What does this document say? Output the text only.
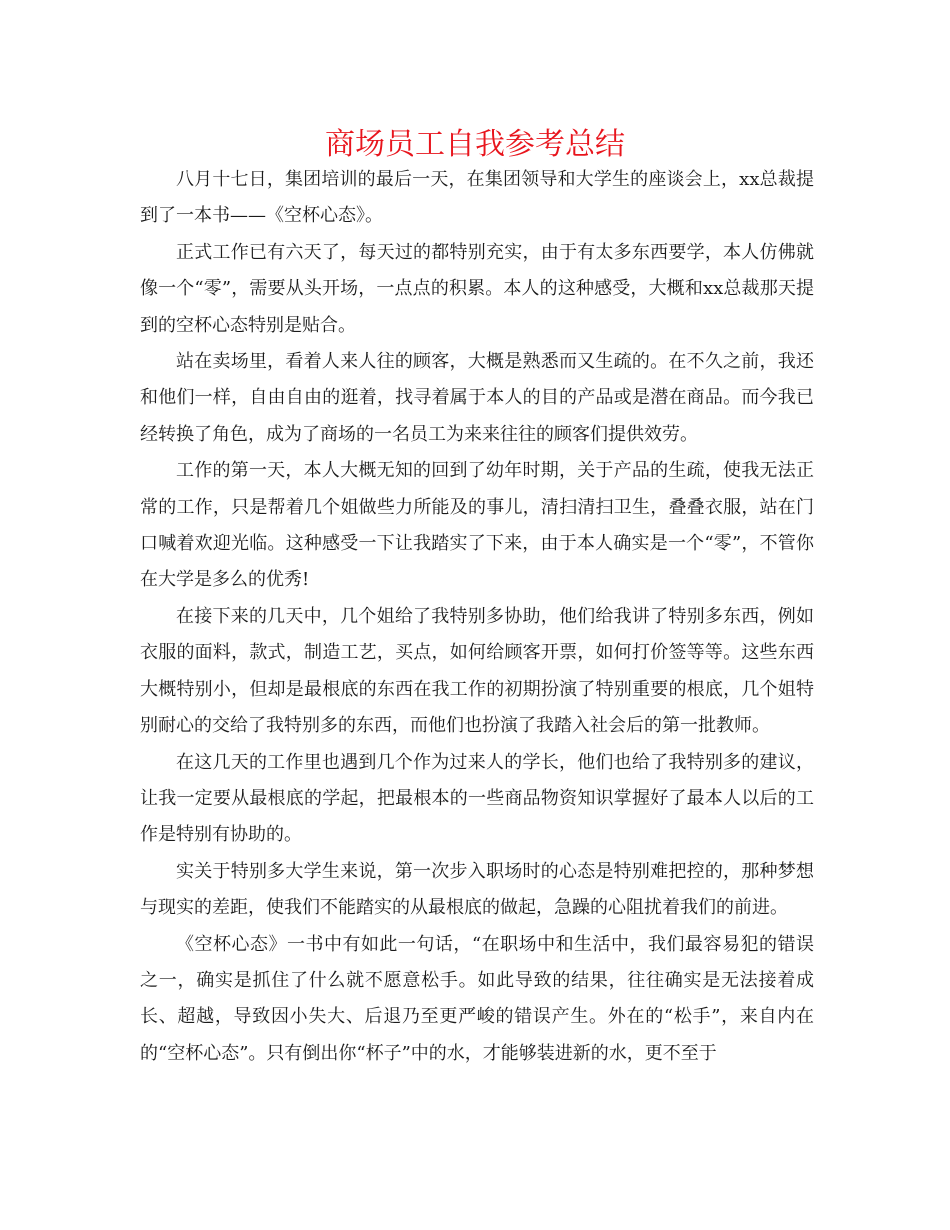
商场员工自我参考总结

八月十七日，集团培训的最后一天，在集团领导和大学生的座谈会上，xx总裁提到了一本书——《空杯心态》。

正式工作已有六天了，每天过的都特别充实，由于有太多东西要学，本人仿佛就像一个“零”，需要从头开场，一点点的积累。本人的这种感受，大概和xx总裁那天提到的空杯心态特别是贴合。

站在卖场里，看着人来人往的顾客，大概是熟悉而又生疏的。在不久之前，我还和他们一样，自由自由的逛着，找寻着属于本人的目的产品或是潜在商品。而今我已经转换了角色，成为了商场的一名员工为来来往往的顾客们提供效劳。

工作的第一天，本人大概无知的回到了幼年时期，关于产品的生疏，使我无法正常的工作，只是帮着几个姐做些力所能及的事儿，清扫清扫卫生，叠叠衣服，站在门口喊着欢迎光临。这种感受一下让我踏实了下来，由于本人确实是一个“零”，不管你在大学是多么的优秀!

在接下来的几天中，几个姐给了我特别多协助，他们给我讲了特别多东西，例如衣服的面料，款式，制造工艺，买点，如何给顾客开票，如何打价签等等。这些东西大概特别小，但却是最根底的东西在我工作的初期扮演了特别重要的根底，几个姐特别耐心的交给了我特别多的东西，而他们也扮演了我踏入社会后的第一批教师。

在这几天的工作里也遇到几个作为过来人的学长，他们也给了我特别多的建议，让我一定要从最根底的学起，把最根本的一些商品物资知识掌握好了最本人以后的工作是特别有协助的。

实关于特别多大学生来说，第一次步入职场时的心态是特别难把控的，那种梦想与现实的差距，使我们不能踏实的从最根底的做起，急躁的心阻扰着我们的前进。

《空杯心态》一书中有如此一句话，“在职场中和生活中，我们最容易犯的错误之一，确实是抓住了什么就不愿意松手。如此导致的结果，往往确实是无法接着成长、超越，导致因小失大、后退乃至更严峻的错误产生。外在的“松手”，来自内在的“空杯心态”。只有倒出你“杯子”中的水，才能够装进新的水，更不至于
